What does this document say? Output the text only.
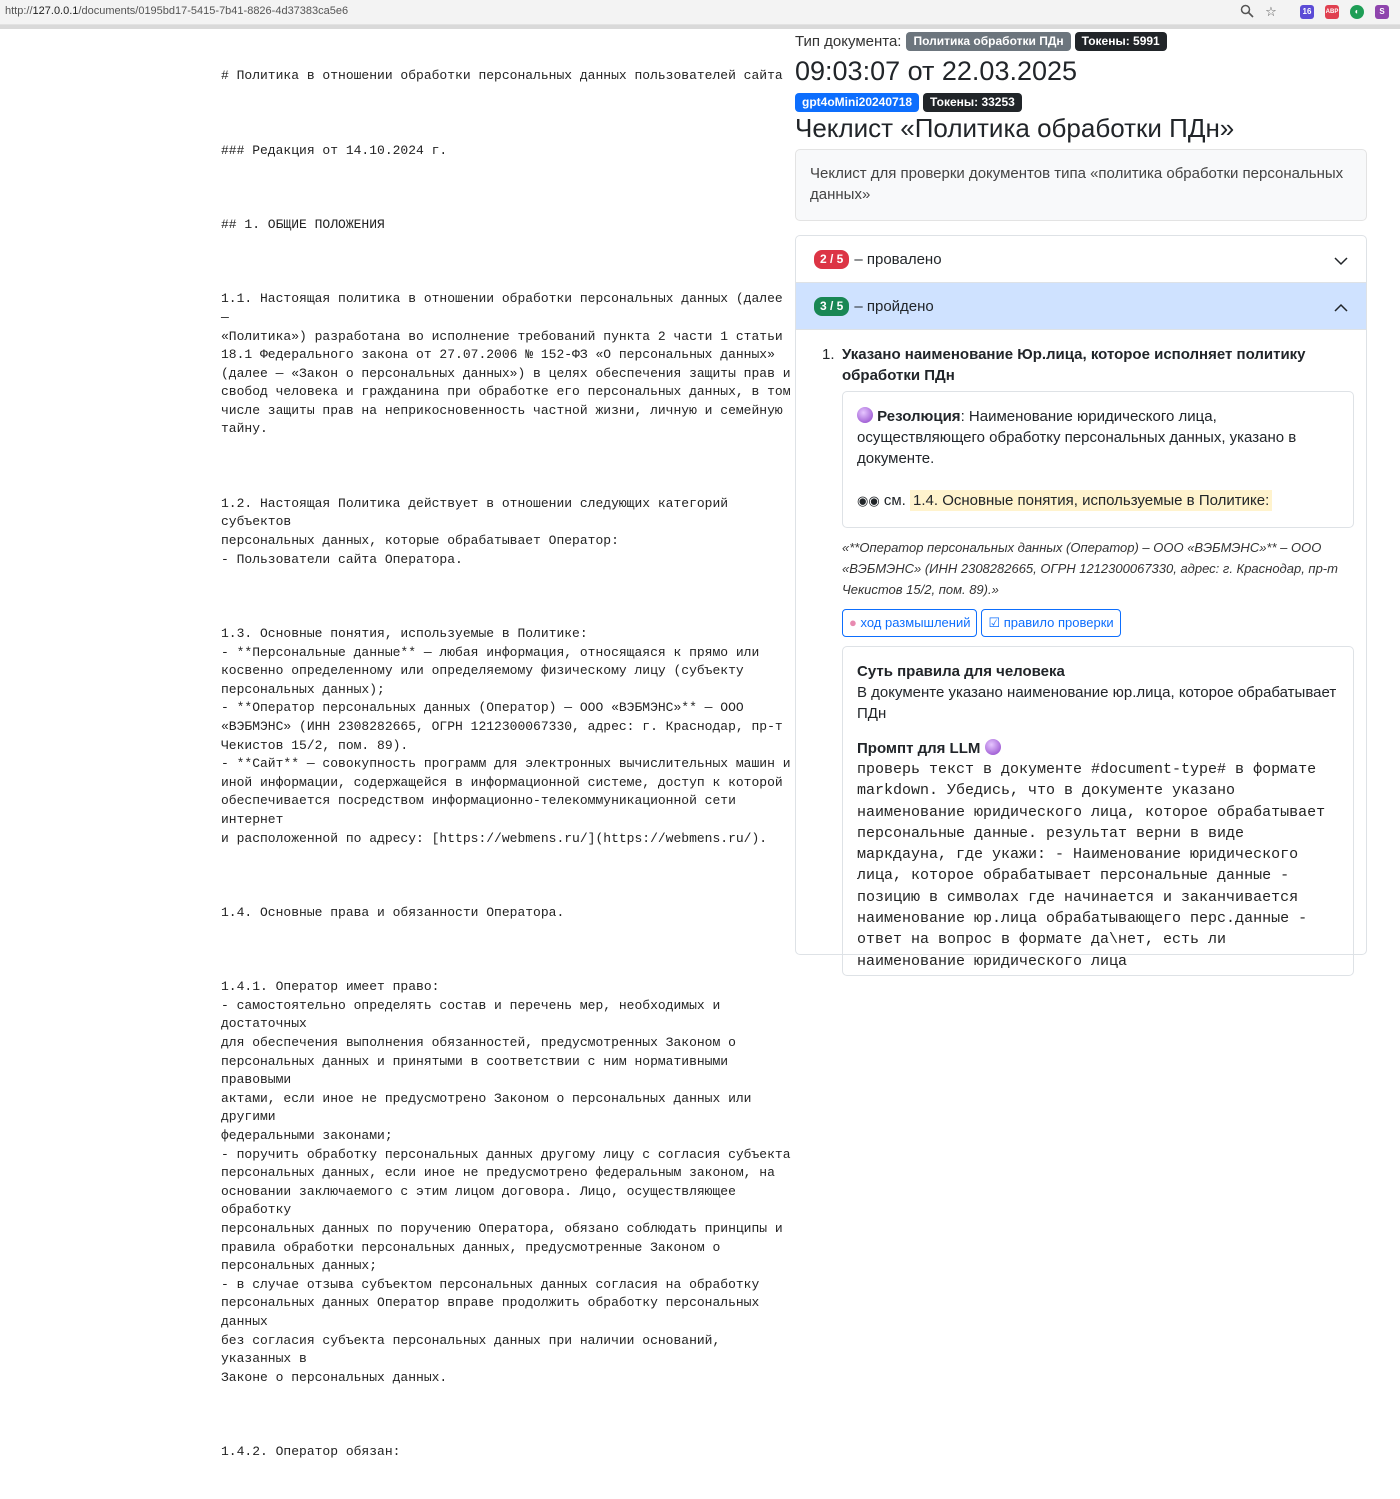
http://127.0.0.1/documents/0195bd17-5415-7b41-8826-4d37383ca5e6	☆	16	ABP	◐	S

# Политика в отношении обработки персональных данных пользователей сайта

### Редакция от 14.10.2024 г.

## 1. ОБЩИЕ ПОЛОЖЕНИЯ

1.1. Настоящая политика в отношении обработки персональных данных (далее —
«Политика») разработана во исполнение требований пункта 2 части 1 статьи
18.1 Федерального закона от 27.07.2006 № 152-ФЗ «О персональных данных»
(далее — «Закон о персональных данных») в целях обеспечения защиты прав и
свобод человека и гражданина при обработке его персональных данных, в том
числе защиты прав на неприкосновенность частной жизни, личную и семейную
тайну.

1.2. Настоящая Политика действует в отношении следующих категорий субъектов
персональных данных, которые обрабатывает Оператор:
- Пользователи сайта Оператора.

1.3. Основные понятия, используемые в Политике:
- **Персональные данные** — любая информация, относящаяся к прямо или
косвенно определенному или определяемому физическому лицу (субъекту
персональных данных);
- **Оператор персональных данных (Оператор) — ООО «ВЭБМЭНС»** — ООО
«ВЭБМЭНС» (ИНН 2308282665, ОГРН 1212300067330, адрес: г. Краснодар, пр-т
Чекистов 15/2, пом. 89).
- **Сайт** — совокупность программ для электронных вычислительных машин и
иной информации, содержащейся в информационной системе, доступ к которой
обеспечивается посредством информационно-телекоммуникационной сети интернет
и расположенной по адресу: [https://webmens.ru/](https://webmens.ru/).

1.4. Основные права и обязанности Оператора.

1.4.1. Оператор имеет право:
- самостоятельно определять состав и перечень мер, необходимых и достаточных
для обеспечения выполнения обязанностей, предусмотренных Законом о
персональных данных и принятыми в соответствии с ним нормативными правовыми
актами, если иное не предусмотрено Законом о персональных данных или другими
федеральными законами;
- поручить обработку персональных данных другому лицу с согласия субъекта
персональных данных, если иное не предусмотрено федеральным законом, на
основании заключаемого с этим лицом договора. Лицо, осуществляющее обработку
персональных данных по поручению Оператора, обязано соблюдать принципы и
правила обработки персональных данных, предусмотренные Законом о
персональных данных;
- в случае отзыва субъектом персональных данных согласия на обработку
персональных данных Оператор вправе продолжить обработку персональных данных
без согласия субъекта персональных данных при наличии оснований, указанных в
Законе о персональных данных.

1.4.2. Оператор обязан:

Тип документа:	Политика обработки ПДн	Токены: 5991
09:03:07 от 22.03.2025
gpt4oMini20240718	Токены: 33253
Чеклист «Политика обработки ПДн»
Чеклист для проверки документов типа «политика обработки персональных данных»
2 / 5 – провалено
3 / 5 – пройдено
1. Указано наименование Юр.лица, которое исполняет политику обработки ПДн
Резолюция: Наименование юридического лица, осуществляющего обработку персональных данных, указано в документе.
◉◉ см. 1.4. Основные понятия, используемые в Политике:
«**Оператор персональных данных (Оператор) – ООО «ВЭБМЭНС»** – ООО «ВЭБМЭНС» (ИНН 2308282665, ОГРН 1212300067330, адрес: г. Краснодар, пр-т Чекистов 15/2, пом. 89).»
● ход размышлений	☑ правило проверки
Суть правила для человека
В документе указано наименование юр.лица, которое обрабатывает ПДн
Промпт для LLM
проверь текст в документе #document-type# в формате markdown. Убедись, что в документе указано наименование юридического лица, которое обрабатывает персональные данные. результат верни в виде маркдауна, где укажи: - Наименование юридического лица, которое обрабатывает персональные данные - позицию в символах где начинается и заканчивается наименование юр.лица обрабатывающего перс.данные - ответ на вопрос в формате да\нет, есть ли наименование юридического лица
